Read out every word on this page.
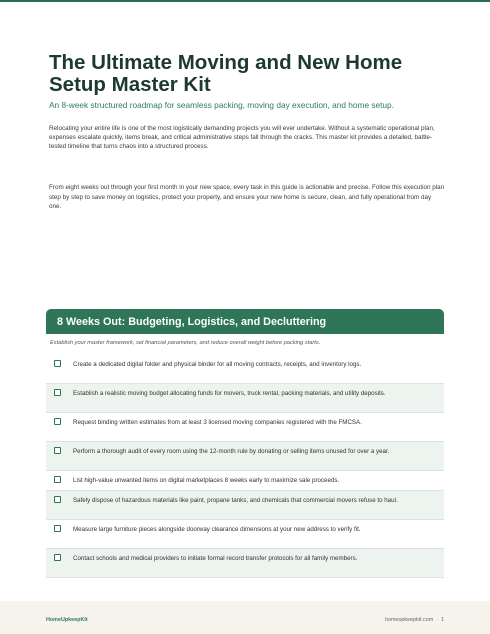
The Ultimate Moving and New Home Setup Master Kit

An 8-week structured roadmap for seamless packing, moving day execution, and home setup.

Relocating your entire life is one of the most logistically demanding projects you will ever undertake. Without a systematic operational plan, expenses escalate quickly, items break, and critical administrative steps fall through the cracks. This master kit provides a detailed, battle-tested timeline that turns chaos into a structured process.

From eight weeks out through your first month in your new space, every task in this guide is actionable and precise. Follow this execution plan step by step to save money on logistics, protect your property, and ensure your new home is secure, clean, and fully operational from day one.

8 Weeks Out: Budgeting, Logistics, and Decluttering
Establish your master framework, set financial parameters, and reduce overall weight before packing starts.
Create a dedicated digital folder and physical binder for all moving contracts, receipts, and inventory logs.
Establish a realistic moving budget allocating funds for movers, truck rental, packing materials, and utility deposits.
Request binding written estimates from at least 3 licensed moving companies registered with the FMCSA.
Perform a thorough audit of every room using the 12-month rule by donating or selling items unused for over a year.
List high-value unwanted items on digital marketplaces 8 weeks early to maximize sale proceeds.
Safely dispose of hazardous materials like paint, propane tanks, and chemicals that commercial movers refuse to haul.
Measure large furniture pieces alongside doorway clearance dimensions at your new address to verify fit.
Contact schools and medical providers to initiate formal record transfer protocols for all family members.
HomeUpkeepKit	homeupkeepkit.com · 1
